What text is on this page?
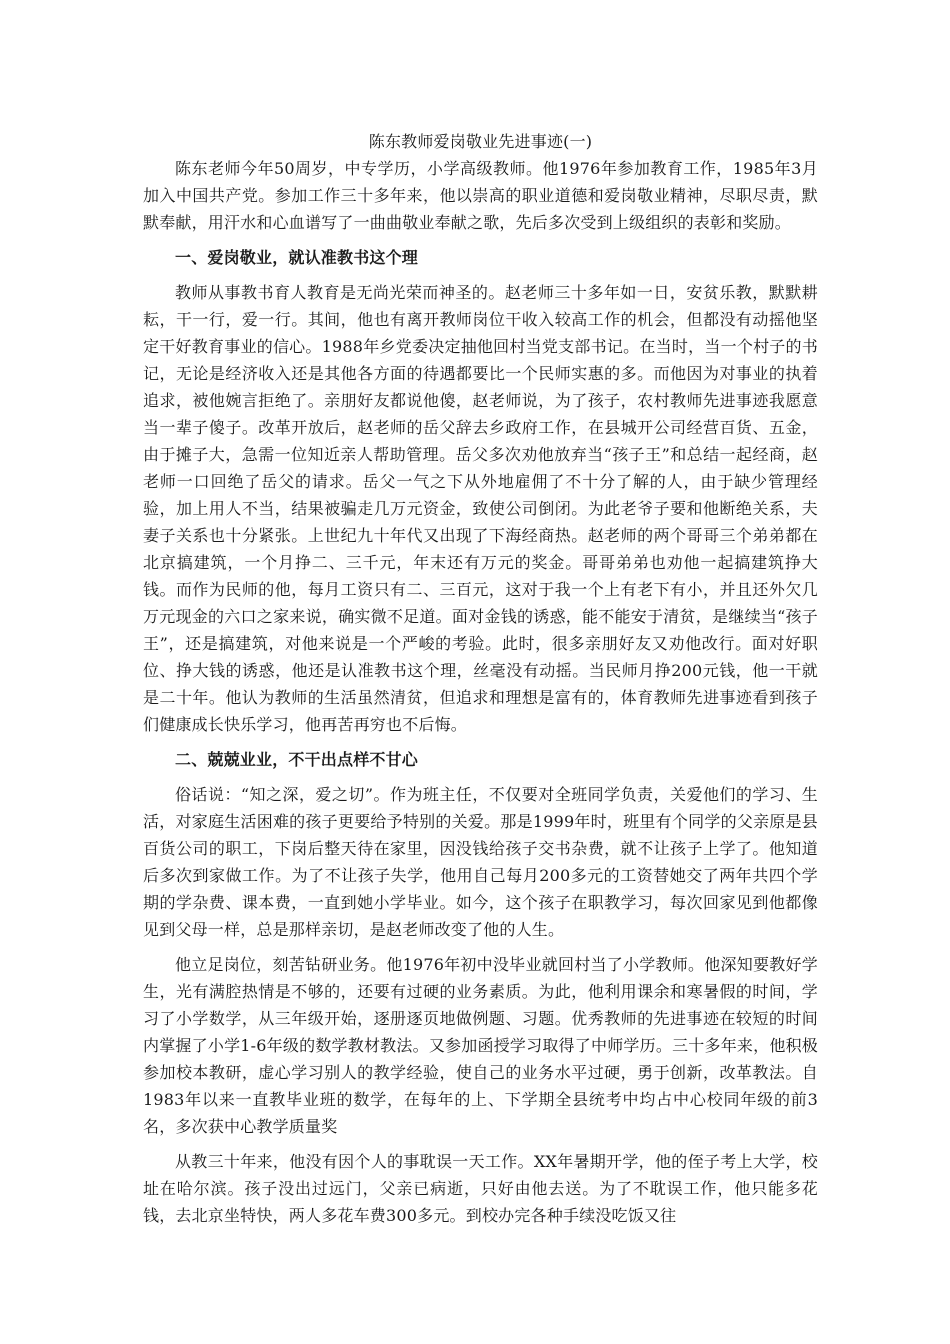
陈东教师爱岗敬业先进事迹(一)

陈东老师今年50周岁，中专学历，小学高级教师。他1976年参加教育工作，1985年3月加入中国共产党。参加工作三十多年来，他以崇高的职业道德和爱岗敬业精神，尽职尽责，默默奉献，用汗水和心血谱写了一曲曲敬业奉献之歌，先后多次受到上级组织的表彰和奖励。

一、爱岗敬业，就认准教书这个理

教师从事教书育人教育是无尚光荣而神圣的。赵老师三十多年如一日，安贫乐教，默默耕耘，干一行，爱一行。其间，他也有离开教师岗位干收入较高工作的机会，但都没有动摇他坚定干好教育事业的信心。1988年乡党委决定抽他回村当党支部书记。在当时，当一个村子的书记，无论是经济收入还是其他各方面的待遇都要比一个民师实惠的多。而他因为对事业的执着追求，被他婉言拒绝了。亲朋好友都说他傻，赵老师说，为了孩子，农村教师先进事迹我愿意当一辈子傻子。改革开放后，赵老师的岳父辞去乡政府工作，在县城开公司经营百货、五金，由于摊子大，急需一位知近亲人帮助管理。岳父多次劝他放弃当“孩子王”和总结一起经商，赵老师一口回绝了岳父的请求。岳父一气之下从外地雇佣了不十分了解的人，由于缺少管理经验，加上用人不当，结果被骗走几万元资金，致使公司倒闭。为此老爷子要和他断绝关系，夫妻子关系也十分紧张。上世纪九十年代又出现了下海经商热。赵老师的两个哥哥三个弟弟都在北京搞建筑，一个月挣二、三千元，年末还有万元的奖金。哥哥弟弟也劝他一起搞建筑挣大钱。而作为民师的他，每月工资只有二、三百元，这对于我一个上有老下有小，并且还外欠几万元现金的六口之家来说，确实微不足道。面对金钱的诱惑，能不能安于清贫，是继续当“孩子王”，还是搞建筑，对他来说是一个严峻的考验。此时，很多亲朋好友又劝他改行。面对好职位、挣大钱的诱惑，他还是认准教书这个理，丝毫没有动摇。当民师月挣200元钱，他一干就是二十年。他认为教师的生活虽然清贫，但追求和理想是富有的，体育教师先进事迹看到孩子们健康成长快乐学习，他再苦再穷也不后悔。

二、兢兢业业，不干出点样不甘心

俗话说：“知之深，爱之切”。作为班主任，不仅要对全班同学负责，关爱他们的学习、生活，对家庭生活困难的孩子更要给予特别的关爱。那是1999年时，班里有个同学的父亲原是县百货公司的职工，下岗后整天待在家里，因没钱给孩子交书杂费，就不让孩子上学了。他知道后多次到家做工作。为了不让孩子失学，他用自己每月200多元的工资替她交了两年共四个学期的学杂费、课本费，一直到她小学毕业。如今，这个孩子在职教学习，每次回家见到他都像见到父母一样，总是那样亲切，是赵老师改变了他的人生。

他立足岗位，刻苦钻研业务。他1976年初中没毕业就回村当了小学教师。他深知要教好学生，光有满腔热情是不够的，还要有过硬的业务素质。为此，他利用课余和寒暑假的时间，学习了小学数学，从三年级开始，逐册逐页地做例题、习题。优秀教师的先进事迹在较短的时间内掌握了小学1-6年级的数学教材教法。又参加函授学习取得了中师学历。三十多年来，他积极参加校本教研，虚心学习别人的教学经验，使自己的业务水平过硬，勇于创新，改革教法。自1983年以来一直教毕业班的数学，在每年的上、下学期全县统考中均占中心校同年级的前3名，多次获中心教学质量奖

从教三十年来，他没有因个人的事耽误一天工作。XX年暑期开学，他的侄子考上大学，校址在哈尔滨。孩子没出过远门，父亲已病逝，只好由他去送。为了不耽误工作，他只能多花钱，去北京坐特快，两人多花车费300多元。到校办完各种手续没吃饭又往
